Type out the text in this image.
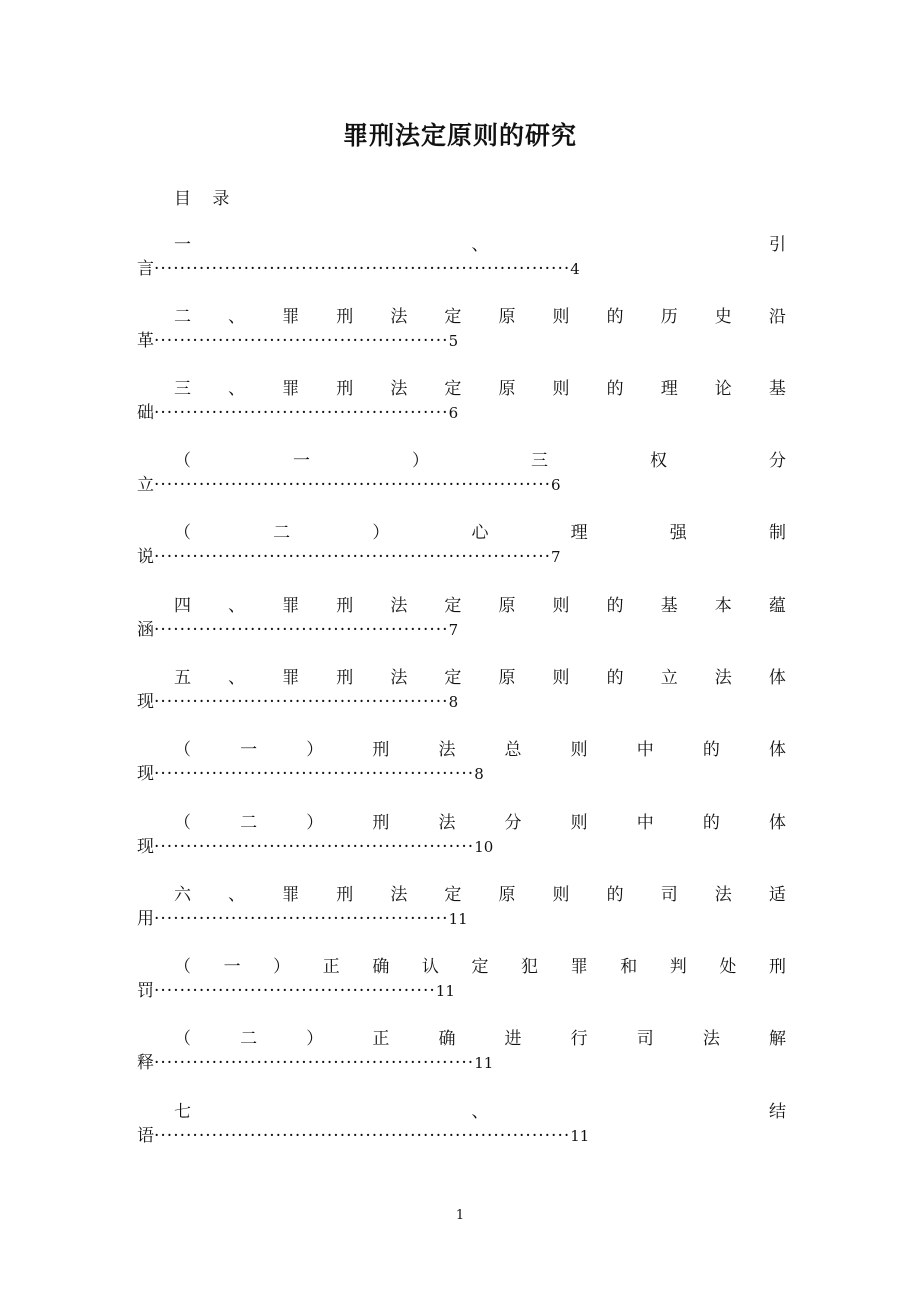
罪刑法定原则的研究
目 录
一	、	引
言·································································4
二 、 罪 刑 法 定 原 则 的 历 史 沿
革··············································5
三 、 罪 刑 法 定 原 则 的 理 论 基
础··············································6
（	一	）	三	权	分
立······························································6
（	二	）	心	理	强	制
说······························································7
四 、 罪 刑 法 定 原 则 的 基 本 蕴
涵··············································7
五 、 罪 刑 法 定 原 则 的 立 法 体
现··············································8
（	一	）	刑	法	总	则	中	的	体
现··················································8
（	二	）	刑	法	分	则	中	的	体
现··················································10
六 、 罪 刑 法 定 原 则 的 司 法 适
用··············································11
（ 一 ） 正 确 认 定 犯 罪 和 判 处 刑
罚············································11
（	二	）	正	确	进	行	司	法	解
释··················································11
七	、	结
语·································································11
1
